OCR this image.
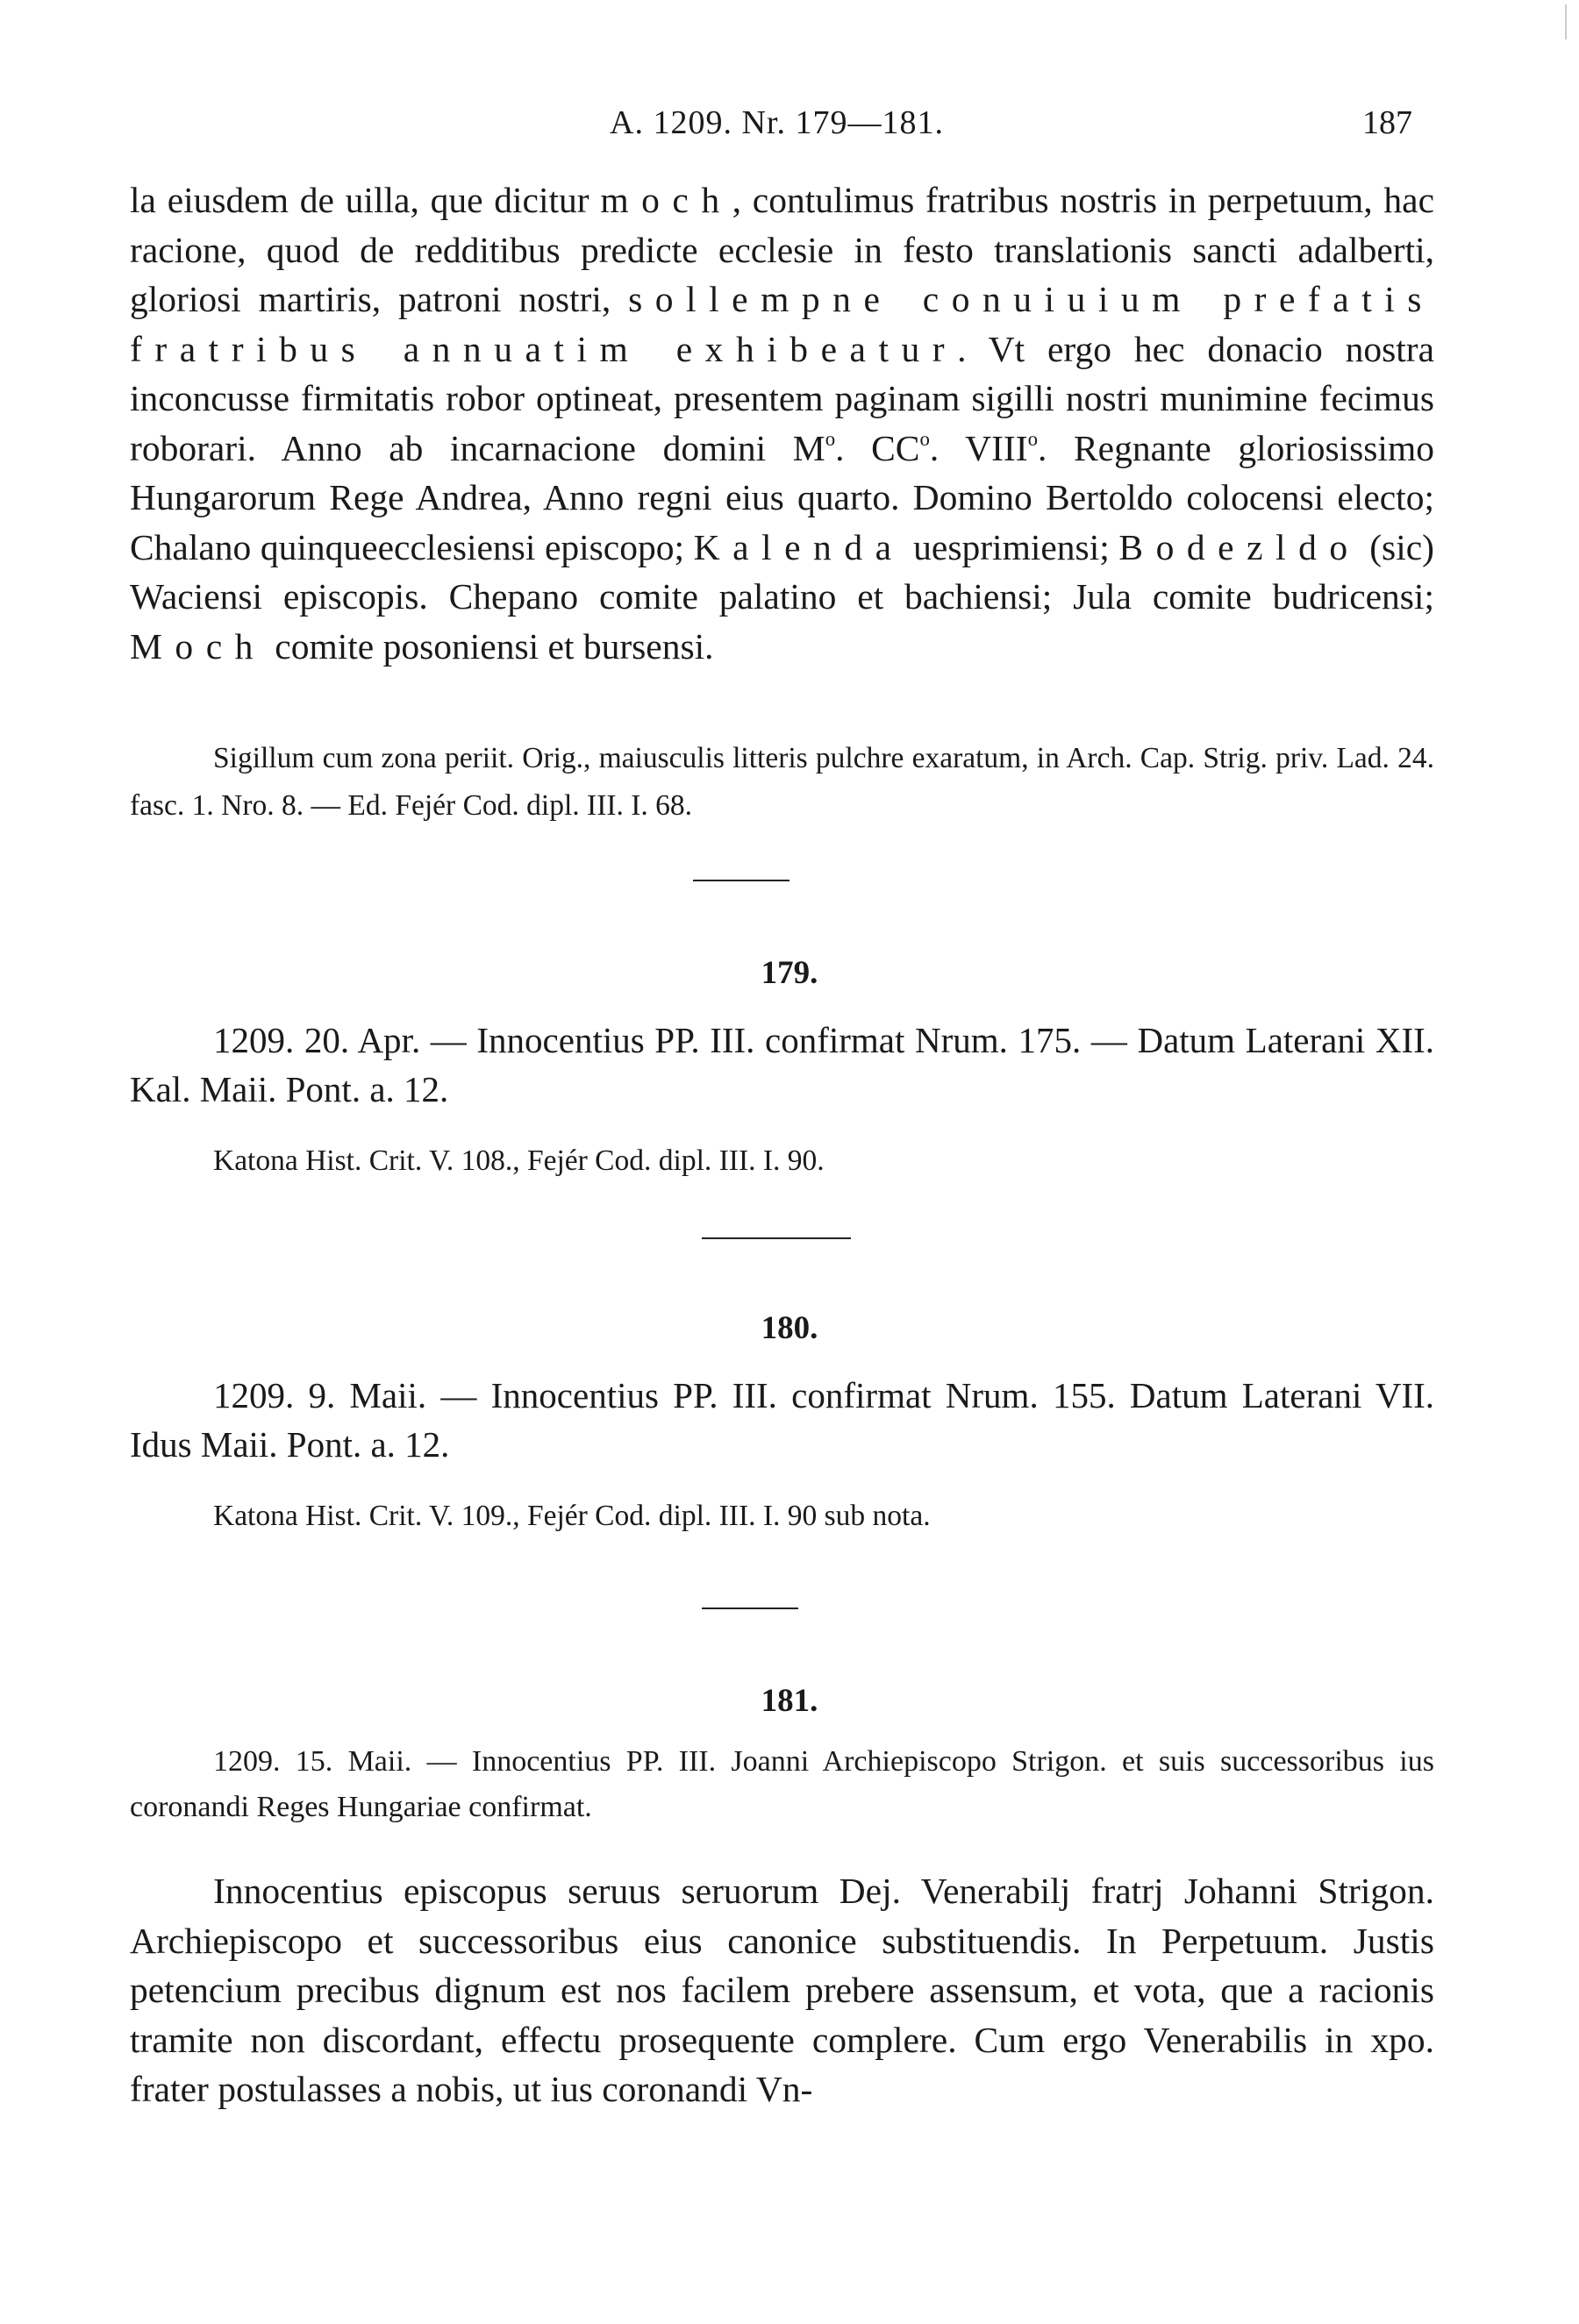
A. 1209. Nr. 179—181.	187

la eiusdem de uilla, que dicitur moch, contulimus fratribus nostris in perpetuum, hac racione, quod de redditibus predicte ecclesie in festo translationis sancti adalberti, gloriosi martiris, patroni nostri, sollempne conuiuium prefatis fratribus annuatim exhibeatur. Vt ergo hec donacio nostra inconcusse firmitatis robor optineat, presentem paginam sigilli nostri munimine fecimus roborari. Anno ab incarnacione domini $M^o$. $CC^o$. VIII$^o$. Regnante gloriosissimo Hungarorum Rege Andrea, Anno regni eius quarto. Domino Bertoldo colocensi electo; Chalano quinqueecclesiensi episcopo; Kalenda uesprimiensi; Bodezldo (sic) Waciensi episcopis. Chepano comite palatino et bachiensi; Jula comite budricensi; Moch comite posoniensi et bursensi.

Sigillum cum zona periit. Orig., maiusculis litteris pulchre exaratum, in Arch. Cap. Strig. priv. Lad. 24. fasc. 1. Nro. 8. — Ed. Fejér Cod. dipl. III. I. 68.

179.

1209. 20. Apr. — Innocentius PP. III. confirmat Nrum. 175. — Datum Laterani XII. Kal. Maii. Pont. a. 12.

Katona Hist. Crit. V. 108., Fejér Cod. dipl. III. I. 90.
180.

1209. 9. Maii. — Innocentius PP. III. confirmat Nrum. 155. Datum Laterani VII. Idus Maii. Pont. a. 12.

Katona Hist. Crit. V. 109., Fejér Cod. dipl. III. I. 90 sub nota.
181.

1209. 15. Maii. — Innocentius PP. III. Joanni Archiepiscopo Strigon. et suis successoribus ius coronandi Reges Hungariae confirmat.

Innocentius episcopus seruus seruorum Dej. Venerabilj fratrj Johanni Strigon. Archiepiscopo et successoribus eius canonice substituendis. In Perpetuum. Justis petencium precibus dignum est nos facilem prebere assensum, et vota, que a racionis tramite non discordant, effectu prosequente complere. Cum ergo Venerabilis in xpo. frater postulasses a nobis, ut ius coronandi Vn-
